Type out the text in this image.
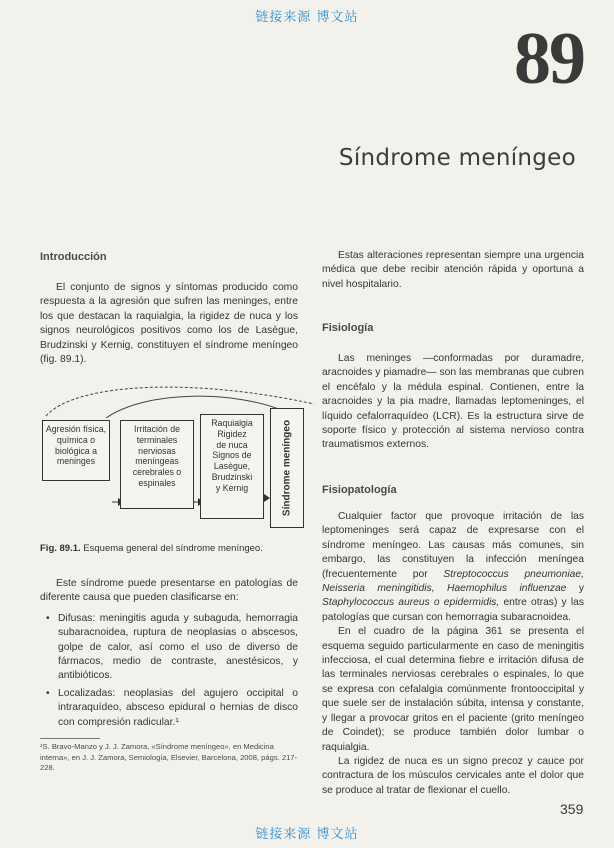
链接来源 博文站
89
Síndrome meníngeo
Introducción

El conjunto de signos y síntomas producido como respuesta a la agresión que sufren las meninges, entre los que destacan la raquialgia, la rigidez de nuca y los signos neurológicos positivos como los de Lasègue, Brudzinski y Kernig, constituyen el síndrome meníngeo (fig. 89.1).

Agresión física,
química o
biológica a
meninges
Irritación de
terminales
nerviosas
meníngeas
cerebrales o
espinales
Raquialgia
Rigidez
de nuca
Signos de
Lasègue,
Brudzinski
y Kernig	Síndrome meníngeo
Fig. 89.1. Esquema general del síndrome meníngeo.

Este síndrome puede presentarse en patologías de diferente causa que pueden clasificarse en:

• Difusas: meningitis aguda y subaguda, hemorragia subaracnoidea, ruptura de neoplasias o abscesos, golpe de calor, así como el uso de diverso de fármacos, medio de contraste, anestésicos, y antibióticos.
• Localizadas: neoplasias del agujero occipital o intraraquídeo, absceso epidural o hernias de disco con compresión radicular.¹
¹S. Bravo-Manzo y J. J. Zamora, «Síndrome meníngeo», en Medicina interna», en J. J. Zamora, Semiología, Elsevier, Barcelona, 2008, págs. 217-228.

Estas alteraciones representan siempre una urgencia médica que debe recibir atención rápida y oportuna a nivel hospitalario.

Fisiología

Las meninges —conformadas por duramadre, aracnoides y piamadre— son las membranas que cubren el encéfalo y la médula espinal. Contienen, entre la aracnoides y la pia madre, llamadas leptomeninges, el líquido cefalorraquídeo (LCR). Es la estructura sirve de soporte físico y protección al sistema nervioso contra traumatismos externos.

Fisiopatología

Cualquier factor que provoque irritación de las leptomeninges será capaz de expresarse con el síndrome meníngeo. Las causas más comunes, sin embargo, las constituyen la infección meníngea (frecuentemente por Streptococcus pneumoniae, Neisseria meningitidis, Haemophilus influenzae y Staphylococcus aureus o epidermidis, entre otras) y las patologías que cursan con hemorragia subaracnoidea.

En el cuadro de la página 361 se presenta el esquema seguido particularmente en caso de meningitis infecciosa, el cual determina fiebre e irritación difusa de las terminales nerviosas cerebrales o espinales, lo que se expresa con cefalalgia comúnmente frontooccipital y que suele ser de instalación súbita, intensa y constante, y llegar a provocar gritos en el paciente (grito meníngeo de Coindet); se produce también dolor lumbar o raquialgia.

La rigidez de nuca es un signo precoz y cauce por contractura de los músculos cervicales ante el dolor que se produce al tratar de flexionar el cuello.

359
链接来源 博文站
